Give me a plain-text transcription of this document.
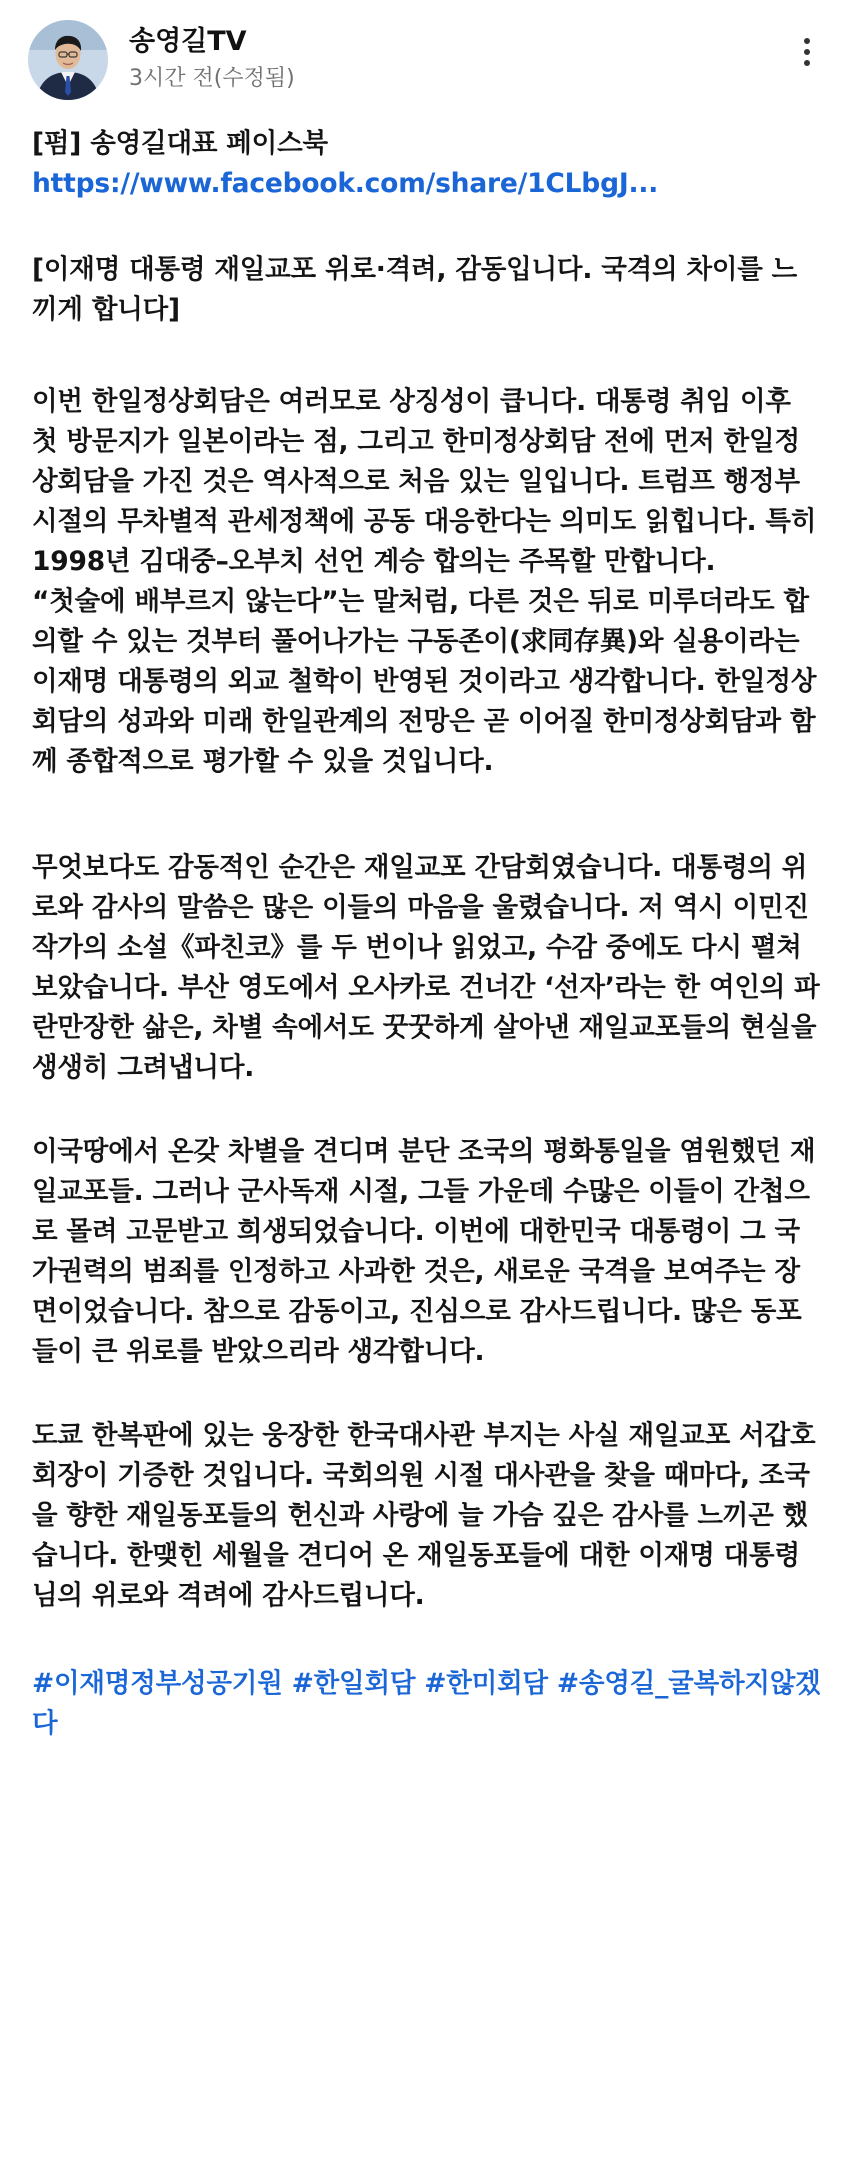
송영길TV
3시간 전(수정됨)

[펌] 송영길대표 페이스북

https://www.facebook.com/share/1CLbgJ...

[이재명 대통령 재일교포 위로·격려, 감동입니다. 국격의 차이를 느끼게 합니다]

이번 한일정상회담은 여러모로 상징성이 큽니다. 대통령 취임 이후 첫 방문지가 일본이라는 점, 그리고 한미정상회담 전에 먼저 한일정상회담을 가진 것은 역사적으로 처음 있는 일입니다. 트럼프 행정부 시절의 무차별적 관세정책에 공동 대응한다는 의미도 읽힙니다. 특히 1998년 김대중–오부치 선언 계승 합의는 주목할 만합니다.

“첫술에 배부르지 않는다”는 말처럼, 다른 것은 뒤로 미루더라도 합의할 수 있는 것부터 풀어나가는 구동존이(求同存異)와 실용이라는 이재명 대통령의 외교 철학이 반영된 것이라고 생각합니다. 한일정상회담의 성과와 미래 한일관계의 전망은 곧 이어질 한미정상회담과 함께 종합적으로 평가할 수 있을 것입니다.

무엇보다도 감동적인 순간은 재일교포 간담회였습니다. 대통령의 위로와 감사의 말씀은 많은 이들의 마음을 울렸습니다. 저 역시 이민진 작가의 소설《파친코》를 두 번이나 읽었고, 수감 중에도 다시 펼쳐보았습니다. 부산 영도에서 오사카로 건너간 ‘선자’라는 한 여인의 파란만장한 삶은, 차별 속에서도 꿋꿋하게 살아낸 재일교포들의 현실을 생생히 그려냅니다.

이국땅에서 온갖 차별을 견디며 분단 조국의 평화통일을 염원했던 재일교포들. 그러나 군사독재 시절, 그들 가운데 수많은 이들이 간첩으로 몰려 고문받고 희생되었습니다. 이번에 대한민국 대통령이 그 국가권력의 범죄를 인정하고 사과한 것은, 새로운 국격을 보여주는 장면이었습니다. 참으로 감동이고, 진심으로 감사드립니다. 많은 동포들이 큰 위로를 받았으리라 생각합니다.

도쿄 한복판에 있는 웅장한 한국대사관 부지는 사실 재일교포 서갑호 회장이 기증한 것입니다. 국회의원 시절 대사관을 찾을 때마다, 조국을 향한 재일동포들의 헌신과 사랑에 늘 가슴 깊은 감사를 느끼곤 했습니다. 한맺힌 세월을 견디어 온 재일동포들에 대한 이재명 대통령님의 위로와 격려에 감사드립니다.

#이재명정부성공기원 #한일회담 #한미회담 #송영길_굴복하지않겠다
